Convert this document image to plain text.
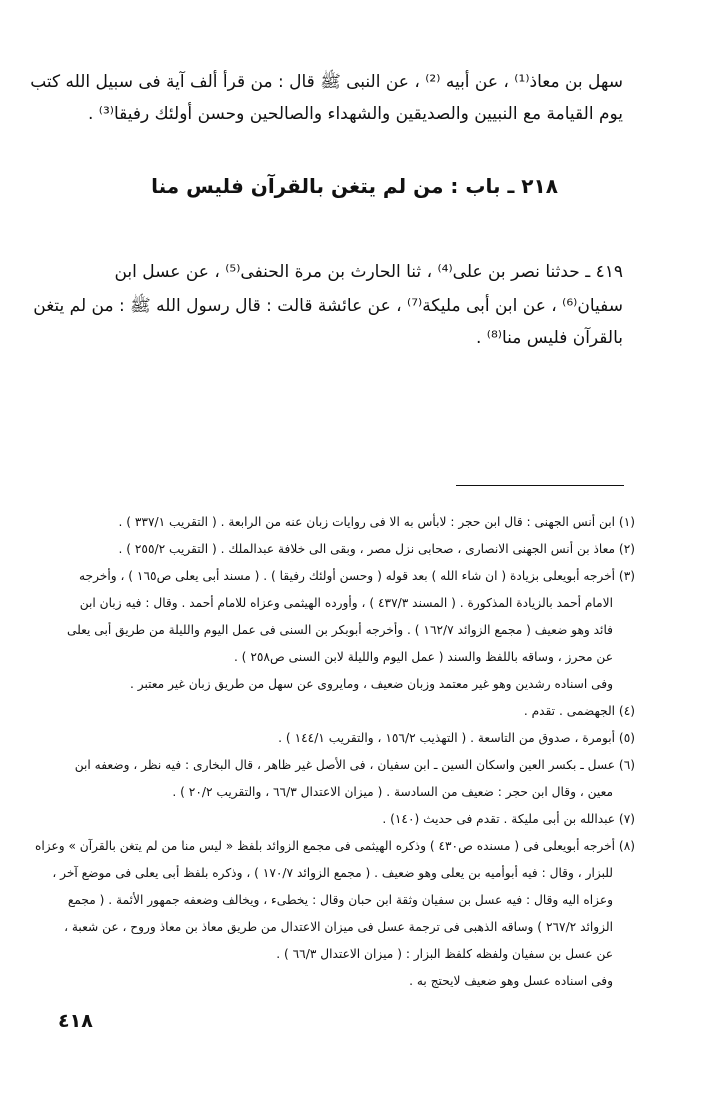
سهل بن معاذ⁽¹⁾ ، عن أبيه ⁽²⁾ ، عن النبى ﷺ قال : من قرأ ألف آية فى سبيل الله كتب
يوم القيامة مع النبيين والصديقين والشهداء والصالحين وحسن أولئك رفيقا⁽³⁾ .
٢١٨ ـ باب : من لم يتغن بالقرآن فليس منا
٤١٩ ـ حدثنا نصر بن على⁽⁴⁾ ، ثنا الحارث بن مرة الحنفى⁽⁵⁾ ، عن عسل ابن
سفيان⁽⁶⁾ ، عن ابن أبى مليكة⁽⁷⁾ ، عن عائشة قالت : قال رسول الله ﷺ : من لم يتغن
بالقرآن فليس منا⁽⁸⁾ .
(١) ابن أنس الجهنى : قال ابن حجر : لابأس به الا فى روايات زبان عنه من الرابعة . ( التقريب ٣٣٧/١ ) .
(٢) معاذ بن أنس الجهنى الانصارى ، صحابى نزل مصر ، وبقى الى خلافة عبدالملك . ( التقريب ٢٥٥/٢ ) .
(٣) أخرجه أبويعلى بزيادة ( ان شاء الله ) بعد قوله ( وحسن أولئك رفيقا ) . ( مسند أبى يعلى ص١٦٥ ) ، وأخرجه
الامام أحمد بالزيادة المذكورة . ( المسند ٤٣٧/٣ ) ، وأورده الهيثمى وعزاه للامام أحمد . وقال : فيه زبان ابن
فائد وهو ضعيف ( مجمع الزوائد ١٦٢/٧ ) . وأخرجه أبوبكر بن السنى فى عمل اليوم والليلة من طريق أبى يعلى
عن محرز ، وساقه باللفظ والسند ( عمل اليوم والليلة لابن السنى ص٢٥٨ ) .
وفى اسناده رشدين وهو غير معتمد وزبان ضعيف ، ومايروى عن سهل من طريق زبان غير معتبر .
(٤) الجهضمى . تقدم .
(٥) أبومرة ، صدوق من التاسعة . ( التهذيب ١٥٦/٢ ، والتقريب ١٤٤/١ ) .
(٦) عسل ـ بكسر العين واسكان السين ـ ابن سفيان ، فى الأصل غير ظاهر ، قال البخارى : فيه نظر ، وضعفه ابن
معين ، وقال ابن حجر : ضعيف من السادسة . ( ميزان الاعتدال ٦٦/٣ ، والتقريب ٢٠/٢ ) .
(٧) عبدالله بن أبى مليكة . تقدم فى حديث (١٤٠) .
(٨) أخرجه أبويعلى فى ( مسنده ص٤٣٠ ) وذكره الهيثمى فى مجمع الزوائد بلفظ « ليس منا من لم يتغن بالقرآن » وعزاه
للبزار ، وقال : فيه أبوأميه بن يعلى وهو ضعيف . ( مجمع الزوائد ١٧٠/٧ ) ، وذكره بلفظ أبى يعلى فى موضع آخر ،
وعزاه اليه وقال : فيه عسل بن سفيان وثقة ابن حبان وقال : يخطىء ، ويخالف وضعفه جمهور الأئمة . ( مجمع
الزوائد ٢٦٧/٢ ) وساقه الذهبى فى ترجمة عسل فى ميزان الاعتدال من طريق معاذ بن معاذ وروح ، عن شعبة ،
عن عسل بن سفيان ولفظه كلفظ البزار : ( ميزان الاعتدال ٦٦/٣ ) .
وفى اسناده عسل وهو ضعيف لايحتج به .
٤١٨
